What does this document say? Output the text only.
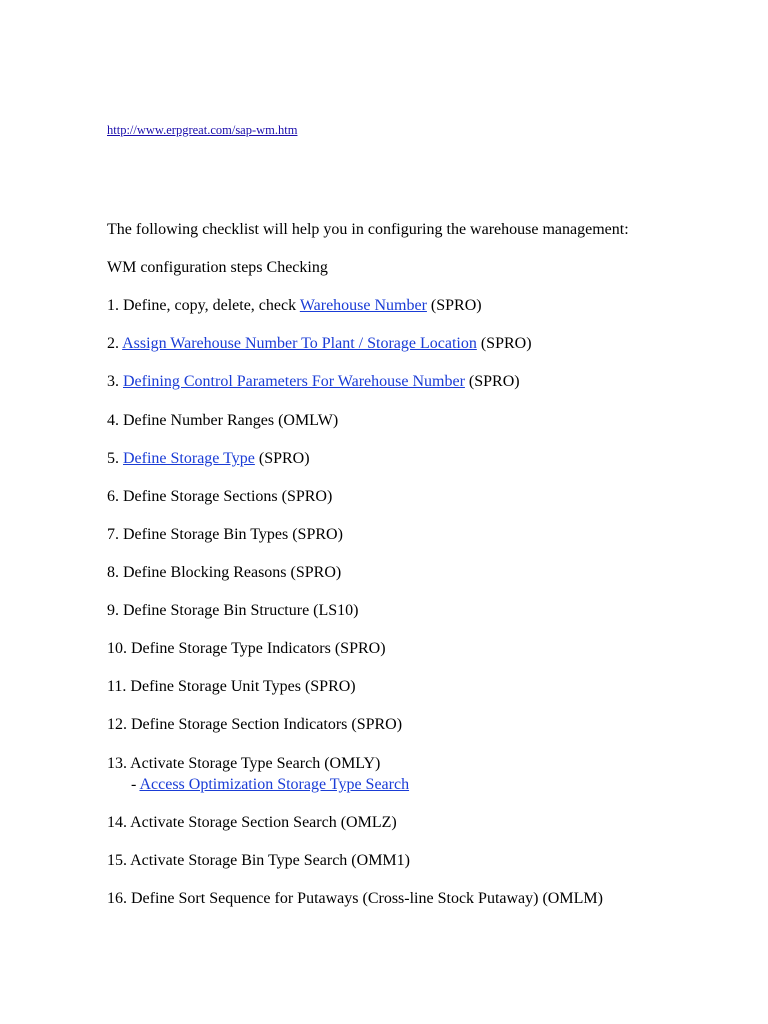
http://www.erpgreat.com/sap-wm.htm
The following checklist will help you in configuring the warehouse management:
WM configuration steps Checking
1. Define, copy, delete, check Warehouse Number (SPRO)
2. Assign Warehouse Number To Plant / Storage Location (SPRO)
3. Defining Control Parameters For Warehouse Number (SPRO)
4. Define Number Ranges (OMLW)
5. Define Storage Type (SPRO)
6. Define Storage Sections (SPRO)
7. Define Storage Bin Types (SPRO)
8. Define Blocking Reasons (SPRO)
9. Define Storage Bin Structure (LS10)
10. Define Storage Type Indicators (SPRO)
11. Define Storage Unit Types (SPRO)
12. Define Storage Section Indicators (SPRO)
13. Activate Storage Type Search (OMLY)
- Access Optimization Storage Type Search
14. Activate Storage Section Search (OMLZ)
15. Activate Storage Bin Type Search (OMM1)
16. Define Sort Sequence for Putaways (Cross-line Stock Putaway) (OMLM)
